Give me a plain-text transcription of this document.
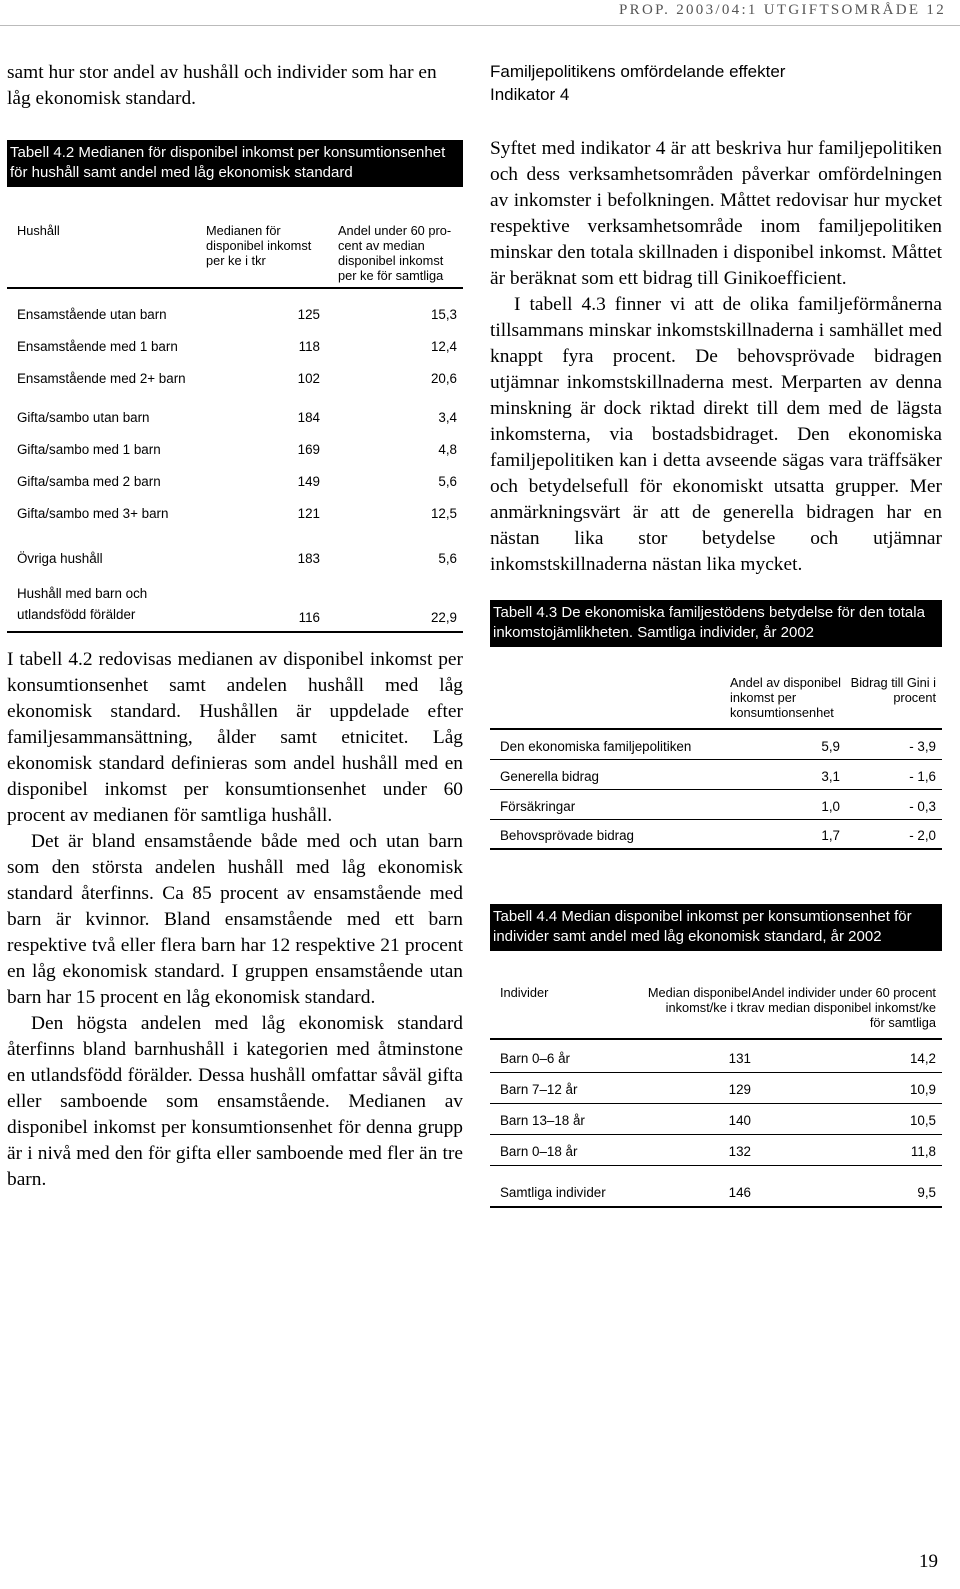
PROP. 2003/04:1 UTGIFTSOMRÅDE 12

samt hur stor andel av hushåll och individer som har en låg ekonomisk standard.

Tabell 4.2 Medianen för disponibel inkomst per konsumtionsenhet för hushåll samt andel med låg ekonomisk standard
Hushåll	Medianen för disponibel inkomst per ke i tkr	Andel under 60 pro-cent av median disponibel inkomst per ke för samtliga
Ensamstående utan barn	125	15,3
Ensamstående med 1 barn	118	12,4
Ensamstående med 2+ barn	102	20,6
Gifta/sambo utan barn	184	3,4
Gifta/sambo med 1 barn	169	4,8
Gifta/samba med 2 barn	149	5,6
Gifta/sambo med 3+ barn	121	12,5
Övriga hushåll	183	5,6

Hushåll med barn och
utlandsfödd förälder	116	22,9

I tabell 4.2 redovisas medianen av disponibel inkomst per konsumtionsenhet samt andelen hushåll med låg ekonomisk standard. Hushållen är uppdelade efter familjesammansättning, ålder samt etnicitet. Låg ekonomisk standard definieras som andel hushåll med en disponibel inkomst per konsumtionsenhet under 60 procent av medianen för samtliga hushåll.

Det är bland ensamstående både med och utan barn som den största andelen hushåll med låg ekonomisk standard återfinns. Ca 85 procent av ensamstående med barn är kvinnor. Bland ensamstående med ett barn respektive två eller flera barn har 12 respektive 21 procent en låg ekonomisk standard. I gruppen ensamstående utan barn har 15 procent en låg ekonomisk standard.

Den högsta andelen med låg ekonomisk standard återfinns bland barnhushåll i kategorien med åtminstone en utlandsfödd förälder. Dessa hushåll omfattar såväl gifta eller samboende som ensamstående. Medianen av disponibel inkomst per konsumtionsenhet för denna grupp är i nivå med den för gifta eller samboende med fler än tre barn.

Familjepolitikens omfördelande effekter
Indikator 4

Syftet med indikator 4 är att beskriva hur familjepolitiken och dess verksamhetsområden påverkar omfördelningen av inkomster i befolkningen. Måttet redovisar hur mycket respektive verksamhetsområde inom familjepolitiken minskar den totala skillnaden i disponibel inkomst. Måttet är beräknat som ett bidrag till Ginikoefficient.

I tabell 4.3 finner vi att de olika familjeförmånerna tillsammans minskar inkomstskillnaderna i samhället med knappt fyra procent. De behovsprövade bidragen utjämnar inkomstskillnaderna mest. Merparten av denna minskning är dock riktad direkt till dem med de lägsta inkomsterna, via bostadsbidraget. Den ekonomiska familjepolitiken kan i detta avseende sägas vara träffsäker och betydelsefull för ekonomiskt utsatta grupper. Mer anmärkningsvärt är att de generella bidragen har en nästan lika stor betydelse och utjämnar inkomstskillnaderna nästan lika mycket.

Tabell 4.3 De ekonomiska familjestödens betydelse för den totala inkomstojämlikheten. Samtliga individer, år 2002
	Andel av disponibel inkomst per konsumtionsenhet	Bidrag till Gini i procent
Den ekonomiska familjepolitiken	5,9	- 3,9
Generella bidrag	3,1	- 1,6
Försäkringar	1,0	- 0,3
Behovsprövade bidrag	1,7	- 2,0
Tabell 4.4 Median disponibel inkomst per konsumtionsenhet för individer samt andel med låg ekonomisk standard, år 2002
Individer	Median disponibel inkomst/ke i tkr	Andel individer under 60 procent av median disponibel inkomst/ke för samtliga
Barn 0–6 år	131	14,2
Barn 7–12 år	129	10,9
Barn 13–18 år	140	10,5
Barn 0–18 år	132	11,8
Samtliga individer	146	9,5
19
